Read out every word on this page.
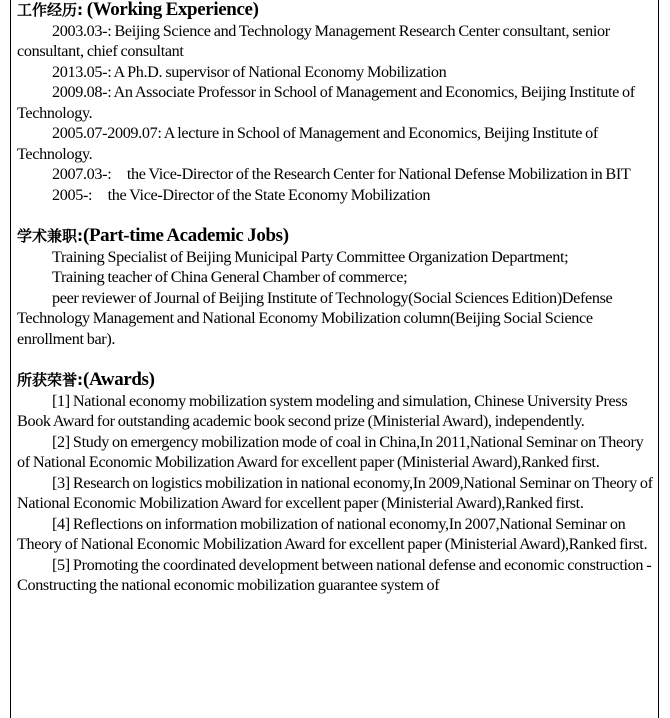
工作经历: (Working Experience)

2003.03-: Beijing Science and Technology Management Research Center consultant, senior consultant, chief consultant

2013.05-: A Ph.D. supervisor of National Economy Mobilization

2009.08-: An Associate Professor in School of Management and Economics, Beijing Institute of Technology.

2005.07-2009.07: A lecture in School of Management and Economics, Beijing Institute of Technology.

2007.03-:     the Vice-Director of the Research Center for National Defense Mobilization in BIT

2005-:     the Vice-Director of the State Economy Mobilization

学术兼职:(Part-time Academic Jobs)

Training Specialist of Beijing Municipal Party Committee Organization Department;

Training teacher of China General Chamber of commerce;

peer reviewer of Journal of Beijing Institute of Technology(Social Sciences Edition)Defense Technology Management and National Economy Mobilization column(Beijing Social Science enrollment bar).

所获荣誉:(Awards)

[1] National economy mobilization system modeling and simulation, Chinese University Press Book Award for outstanding academic book second prize (Ministerial Award), independently.

[2] Study on emergency mobilization mode of coal in China,In 2011,National Seminar on Theory of National Economic Mobilization Award for excellent paper (Ministerial Award),Ranked first.

[3] Research on logistics mobilization in national economy,In 2009,National Seminar on Theory of National Economic Mobilization Award for excellent paper (Ministerial Award),Ranked first.

[4] Reflections on information mobilization of national economy,In 2007,National Seminar on Theory of National Economic Mobilization Award for excellent paper (Ministerial Award),Ranked first.

[5] Promoting the coordinated development between national defense and economic construction - Constructing the national economic mobilization guarantee system of
